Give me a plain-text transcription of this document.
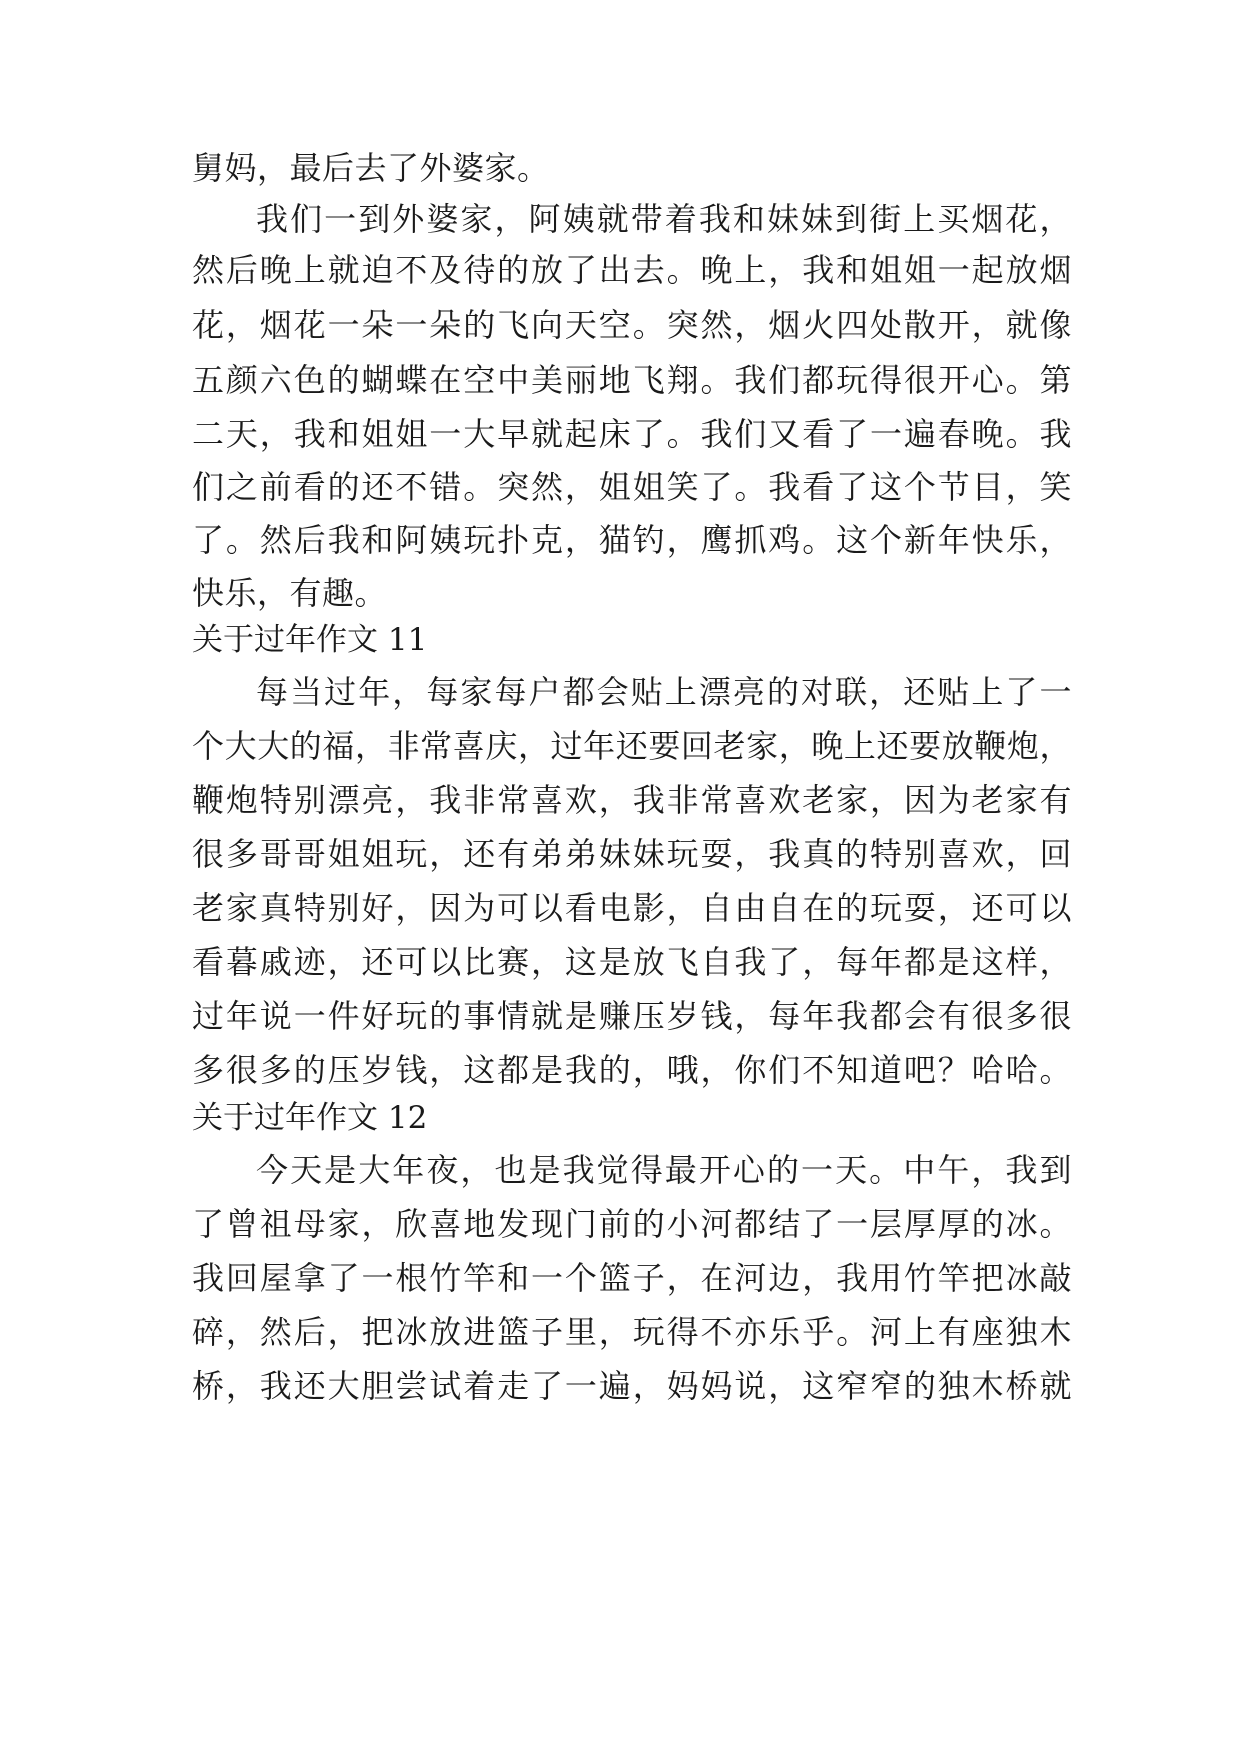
舅妈，最后去了外婆家。
我们一到外婆家，阿姨就带着我和妹妹到街上买烟花，
然后晚上就迫不及待的放了出去。晚上，我和姐姐一起放烟
花，烟花一朵一朵的飞向天空。突然，烟火四处散开，就像
五颜六色的蝴蝶在空中美丽地飞翔。我们都玩得很开心。第
二天，我和姐姐一大早就起床了。我们又看了一遍春晚。我
们之前看的还不错。突然，姐姐笑了。我看了这个节目，笑
了。然后我和阿姨玩扑克，猫钓，鹰抓鸡。这个新年快乐，
快乐，有趣。
关于过年作文 11
每当过年，每家每户都会贴上漂亮的对联，还贴上了一
个大大的福，非常喜庆，过年还要回老家，晚上还要放鞭炮，
鞭炮特别漂亮，我非常喜欢，我非常喜欢老家，因为老家有
很多哥哥姐姐玩，还有弟弟妹妹玩耍，我真的特别喜欢，回
老家真特别好，因为可以看电影，自由自在的玩耍，还可以
看暮戚迹，还可以比赛，这是放飞自我了，每年都是这样，
过年说一件好玩的事情就是赚压岁钱，每年我都会有很多很
多很多的压岁钱，这都是我的，哦，你们不知道吧？哈哈。
关于过年作文 12
今天是大年夜，也是我觉得最开心的一天。中午，我到
了曾祖母家，欣喜地发现门前的小河都结了一层厚厚的冰。
我回屋拿了一根竹竿和一个篮子，在河边，我用竹竿把冰敲
碎，然后，把冰放进篮子里，玩得不亦乐乎。河上有座独木
桥，我还大胆尝试着走了一遍，妈妈说，这窄窄的独木桥就
